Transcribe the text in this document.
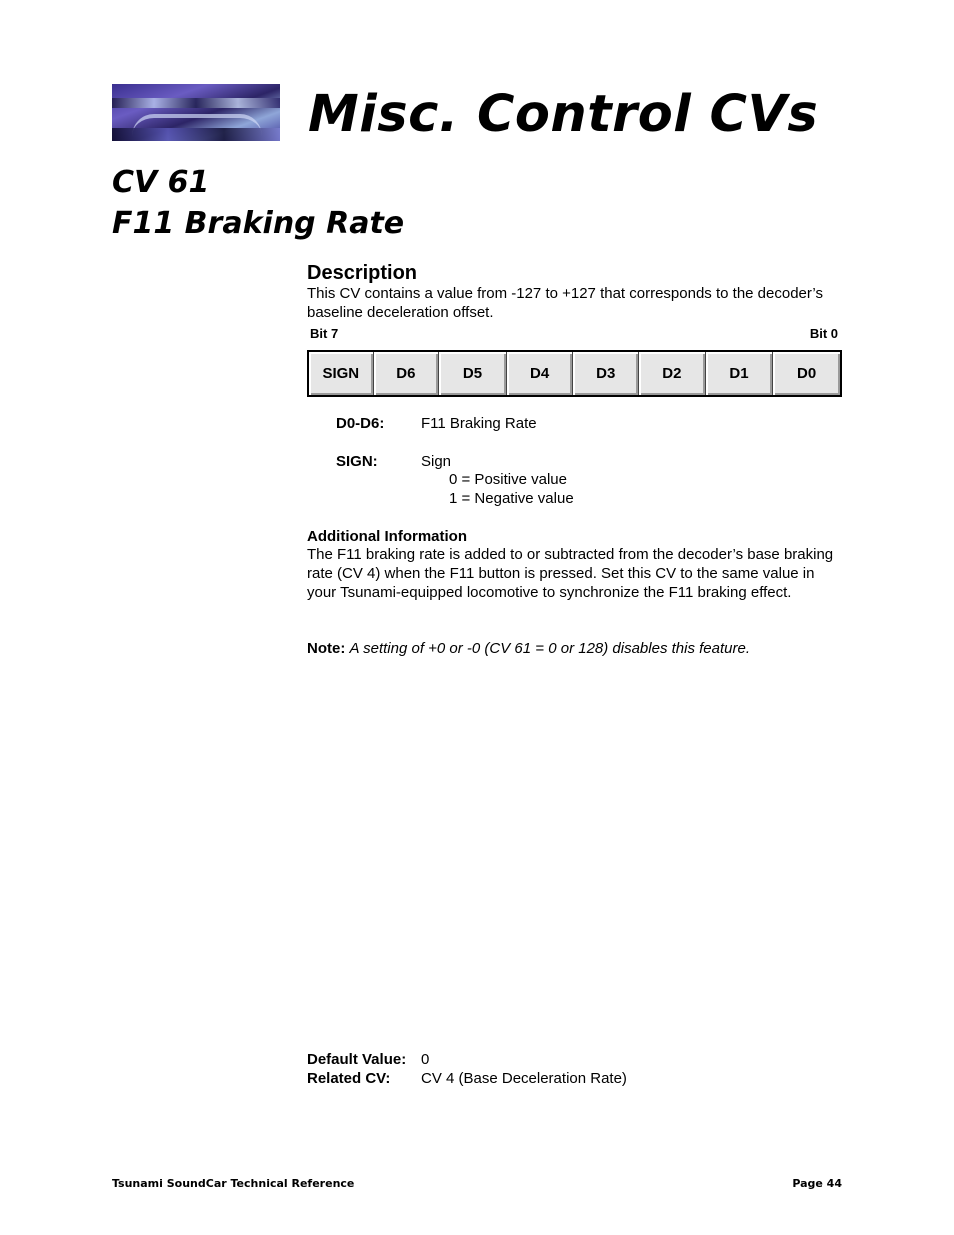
Misc. Control CVs
CV 61
F11 Braking Rate
Description
This CV contains a value from -127 to +127 that corresponds to the decoder’s baseline deceleration offset.
Bit 7	Bit 0
SIGN	D6	D5	D4	D3	D2	D1	D0
D0-D6: F11 Braking Rate
SIGN:	Sign
0 = Positive value
1 = Negative value
Additional Information
The F11 braking rate is added to or subtracted from the decoder’s base braking rate (CV 4) when the F11 button is pressed. Set this CV to the same value in your Tsunami-equipped locomotive to synchronize the F11 braking effect.
Note: A setting of +0 or -0 (CV 61 = 0 or 128) disables this feature.
Default Value: 0
Related CV: CV 4 (Base Deceleration Rate)
Tsunami SoundCar Technical Reference	Page 44
